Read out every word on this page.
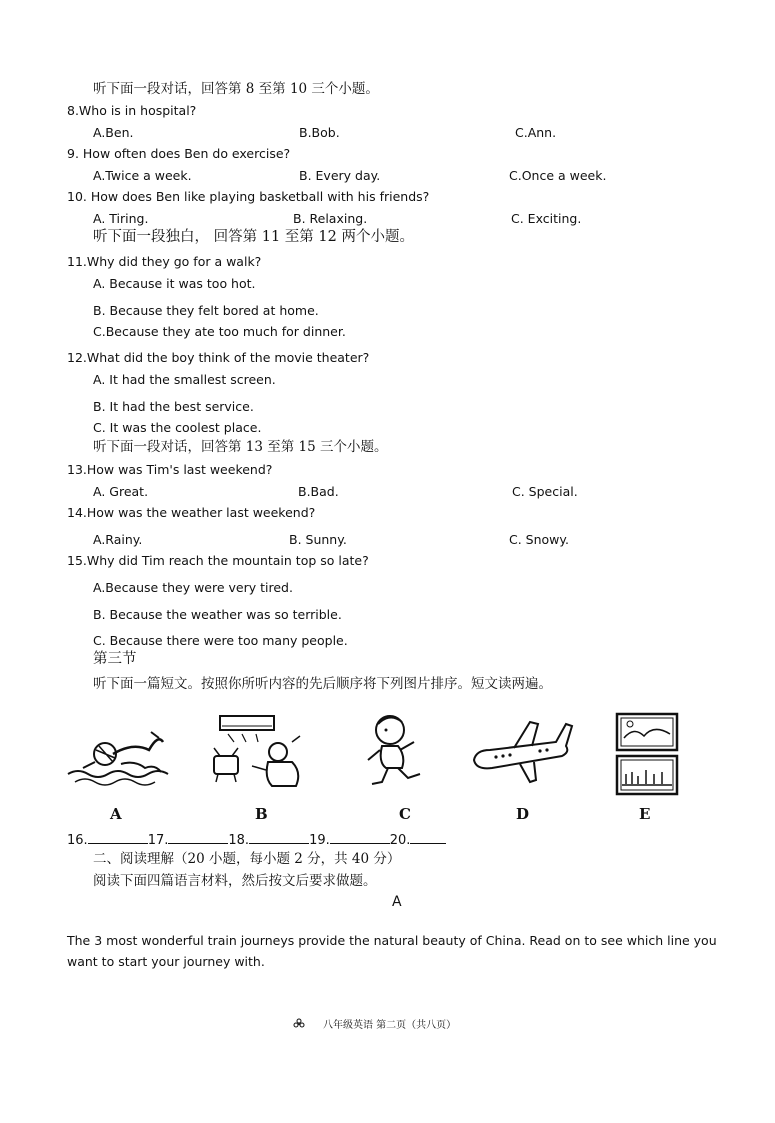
听下面一段对话，回答第 8 至第 10 三个小题。
8.Who is in hospital?
A.Ben.	B.Bob.	C.Ann.
9. How often does Ben do exercise?
A.Twice a week.	B. Every day.	C.Once a week.
10. How does Ben like playing basketball with his friends?
A. Tiring.	B. Relaxing.	C. Exciting.
听下面一段独白， 回答第 11 至第 12 两个小题。
11.Why did they go for a walk?
A. Because it was too hot.
B. Because they felt bored at home.
C.Because they ate too much for dinner.
12.What did the boy think of the movie theater?
A. It had the smallest screen.
B. It had the best service.
C. It was the coolest place.
听下面一段对话，回答第 13 至第 15 三个小题。
13.How was Tim's last weekend?
A. Great.	B.Bad.	C. Special.
14.How was the weather last weekend?
A.Rainy.	B. Sunny.	C. Snowy.
15.Why did Tim reach the mountain top so late?
A.Because they were very tired.
B. Because the weather was so terrible.
C. Because there were too many people.
第三节
听下面一篇短文。按照你所听内容的先后顺序将下列图片排序。短文读两遍。
A	B	C	D	E
16.	17.	18.	19.	20.
二、阅读理解（20 小题，每小题 2 分，共 40 分）
阅读下面四篇语言材料，然后按文后要求做题。
A
The 3 most wonderful train journeys provide the natural beauty of China. Read on to see which line you want to start your journey with.
八年级英语 第二页（共八页）
